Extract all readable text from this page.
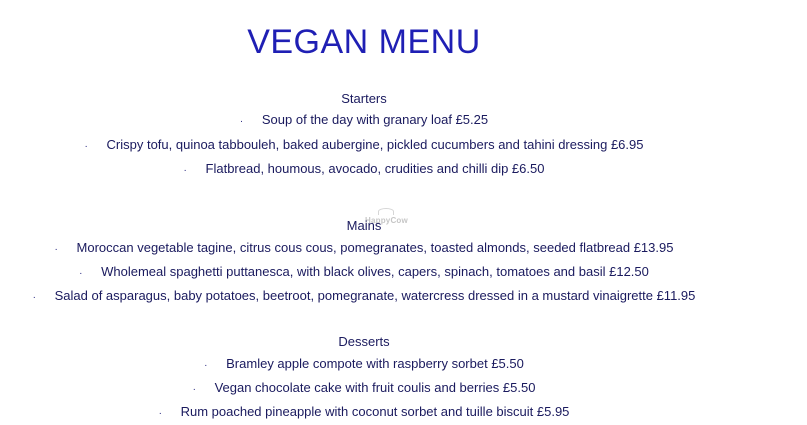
VEGAN MENU
Starters
· Soup of the day with granary loaf £5.25
· Crispy tofu, quinoa tabbouleh, baked aubergine, pickled cucumbers and tahini dressing £6.95
· Flatbread, houmous, avocado, crudities and chilli dip £6.50
HappyCow
Mains
· Moroccan vegetable tagine, citrus cous cous, pomegranates, toasted almonds, seeded flatbread £13.95
· Wholemeal spaghetti puttanesca, with black olives, capers, spinach, tomatoes and basil £12.50
· Salad of asparagus, baby potatoes, beetroot, pomegranate, watercress dressed in a mustard vinaigrette £11.95
Desserts
· Bramley apple compote with raspberry sorbet £5.50
· Vegan chocolate cake with fruit coulis and berries £5.50
· Rum poached pineapple with coconut sorbet and tuille biscuit £5.95
